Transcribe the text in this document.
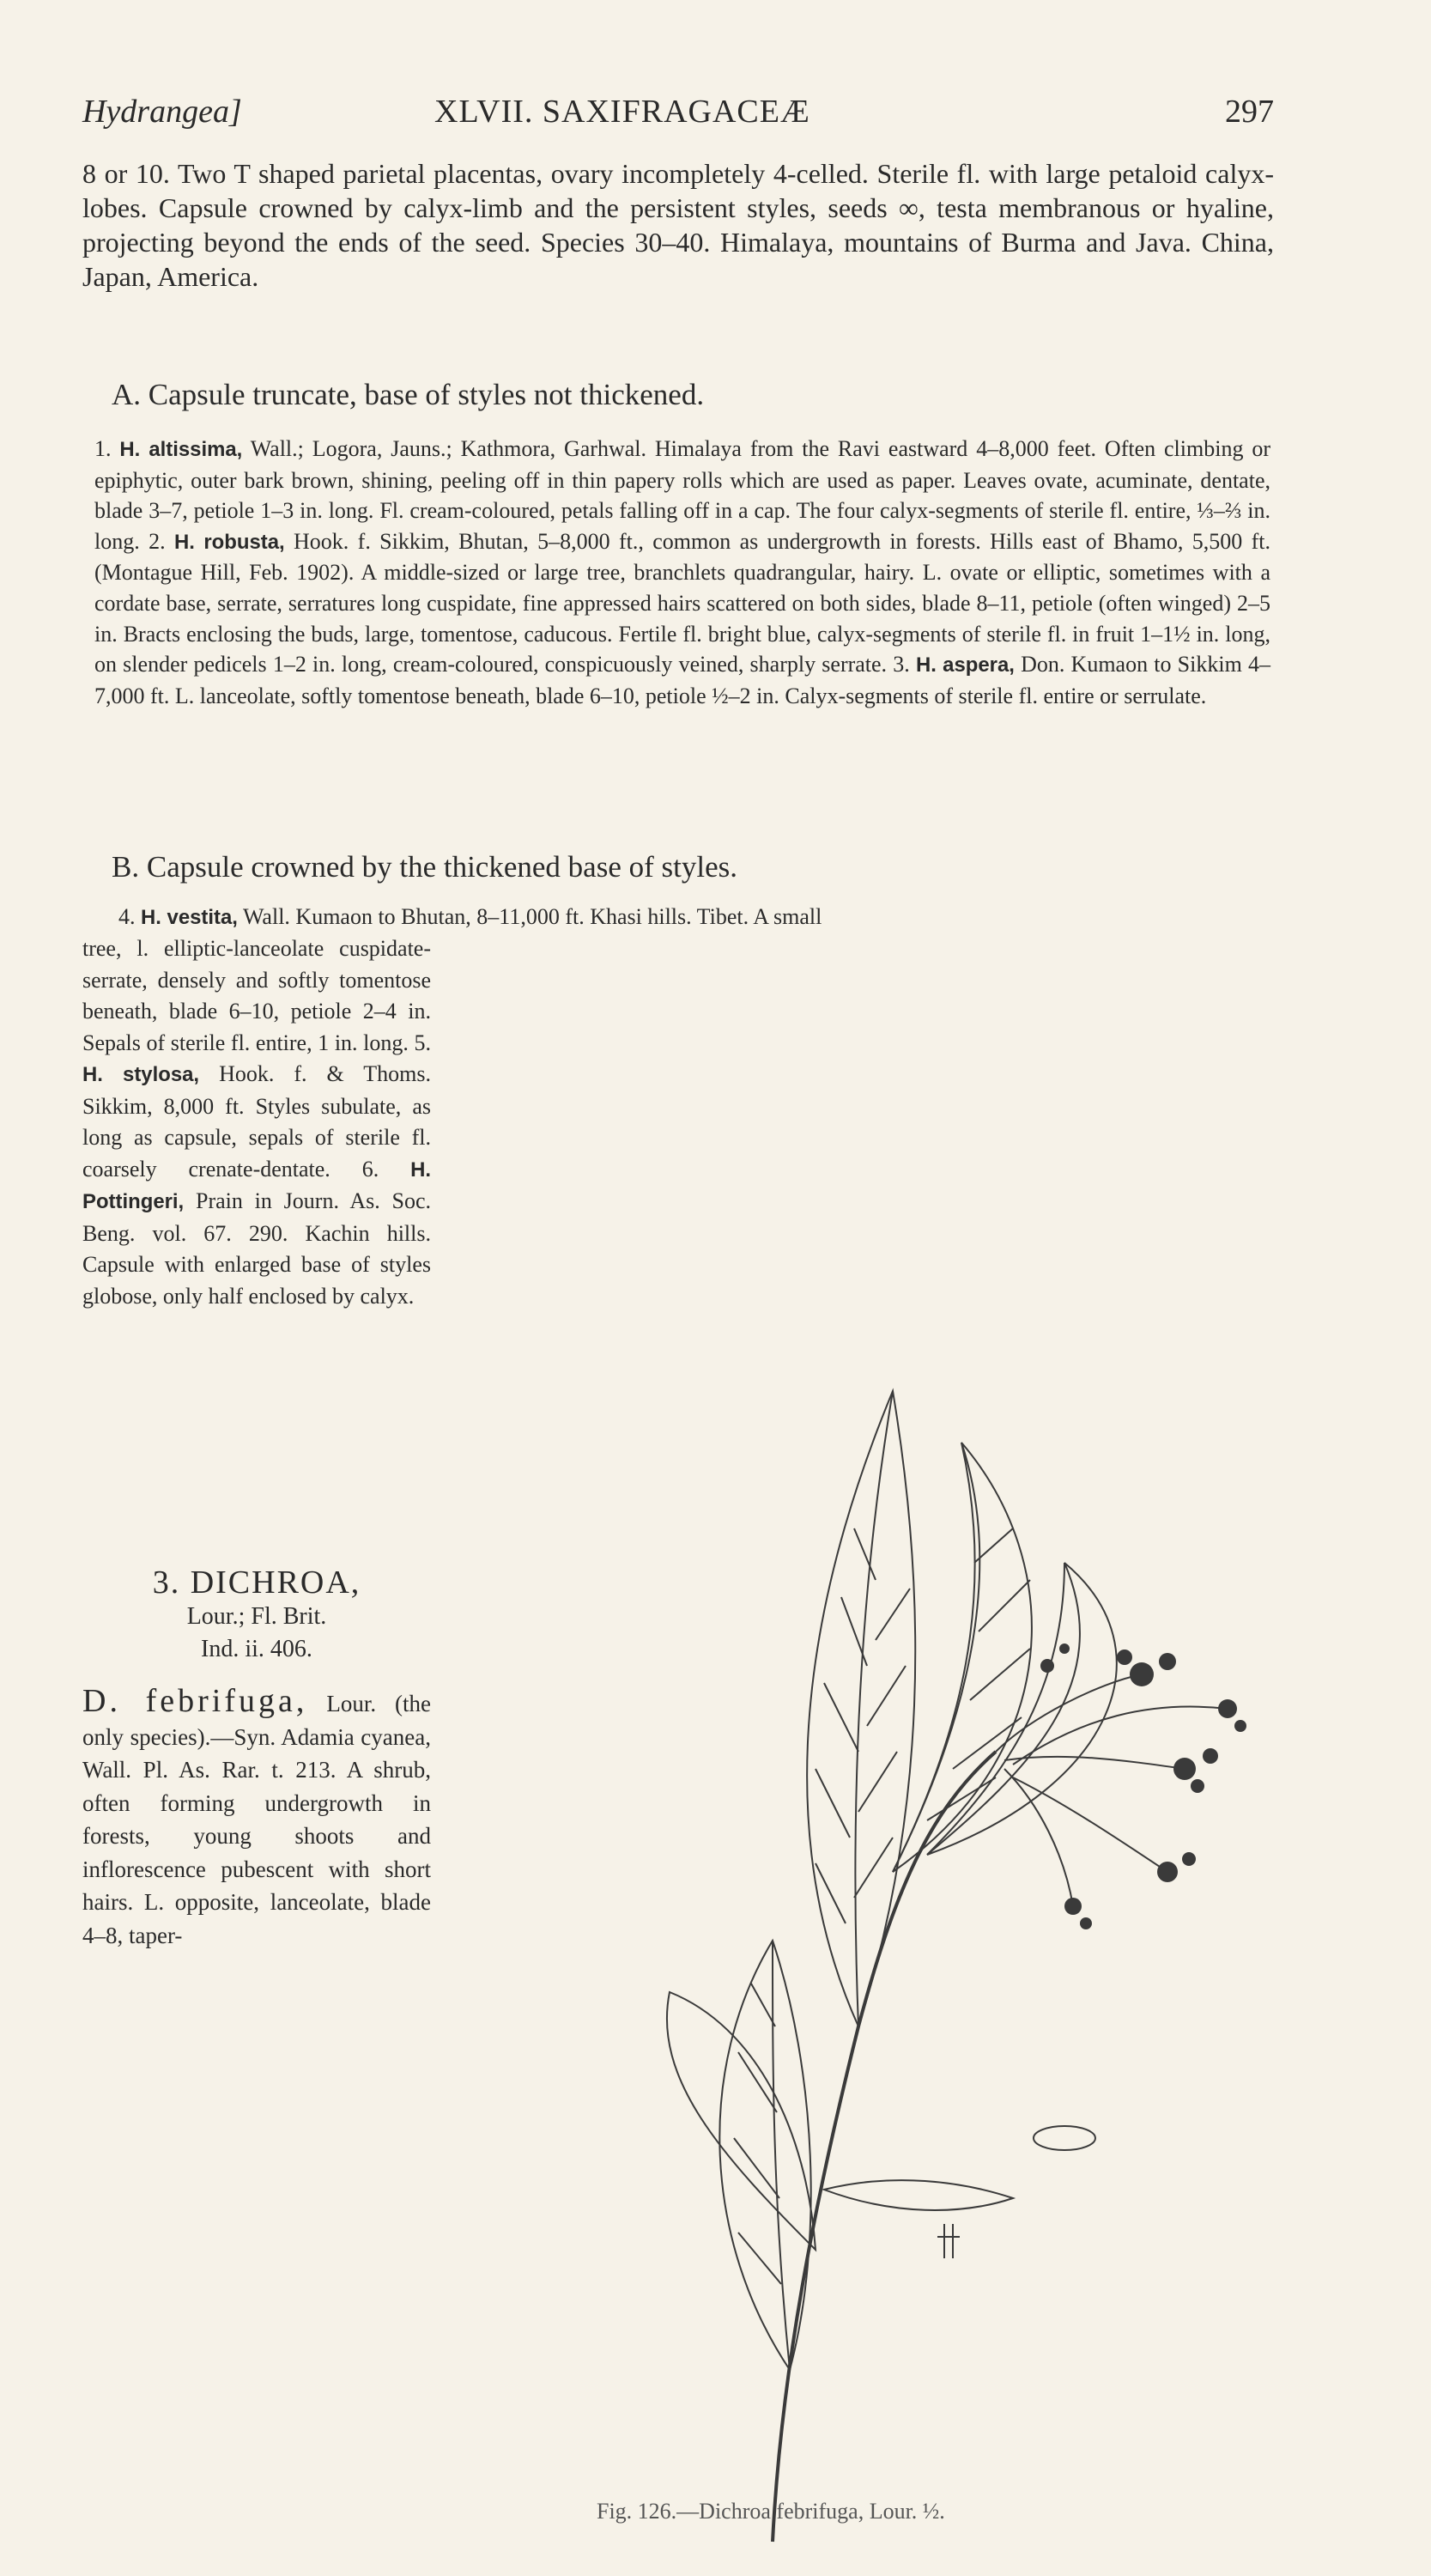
Hydrangea]	XLVII. SAXIFRAGACEÆ	297
8 or 10. Two T shaped parietal placentas, ovary incompletely 4-celled. Sterile fl. with large petaloid calyx-lobes. Capsule crowned by calyx-limb and the persistent styles, seeds ∞, testa membranous or hyaline, projecting beyond the ends of the seed. Species 30–40. Himalaya, mountains of Burma and Java. China, Japan, America.
A. Capsule truncate, base of styles not thickened.
1. H. altissima, Wall.; Logora, Jauns.; Kathmora, Garhwal. Himalaya from the Ravi eastward 4–8,000 feet. Often climbing or epiphytic, outer bark brown, shining, peeling off in thin papery rolls which are used as paper. Leaves ovate, acuminate, dentate, blade 3–7, petiole 1–3 in. long. Fl. cream-coloured, petals falling off in a cap. The four calyx-segments of sterile fl. entire, ⅓–⅔ in. long. 2. H. robusta, Hook. f. Sikkim, Bhutan, 5–8,000 ft., common as undergrowth in forests. Hills east of Bhamo, 5,500 ft. (Montague Hill, Feb. 1902). A middle-sized or large tree, branchlets quadrangular, hairy. L. ovate or elliptic, sometimes with a cordate base, serrate, serratures long cuspidate, fine appressed hairs scattered on both sides, blade 8–11, petiole (often winged) 2–5 in. Bracts enclosing the buds, large, tomentose, caducous. Fertile fl. bright blue, calyx-segments of sterile fl. in fruit 1–1½ in. long, on slender pedicels 1–2 in. long, cream-coloured, conspicuously veined, sharply serrate. 3. H. aspera, Don. Kumaon to Sikkim 4–7,000 ft. L. lanceolate, softly tomentose beneath, blade 6–10, petiole ½–2 in. Calyx-segments of sterile fl. entire or serrulate.
B. Capsule crowned by the thickened base of styles.
4. H. vestita, Wall. Kumaon to Bhutan, 8–11,000 ft. Khasi hills. Tibet. A small
tree, l. elliptic-lanceolate cuspidate-serrate, densely and softly tomentose beneath, blade 6–10, petiole 2–4 in. Sepals of sterile fl. entire, 1 in. long. 5. H. stylosa, Hook. f. & Thoms. Sikkim, 8,000 ft. Styles subulate, as long as capsule, sepals of sterile fl. coarsely crenate-dentate. 6. H. Pottingeri, Prain in Journ. As. Soc. Beng. vol. 67. 290. Kachin hills. Capsule with enlarged base of styles globose, only half enclosed by calyx.
3. DICHROA,
Lour.; Fl. Brit.
Ind. ii. 406.
D. febrifuga, Lour. (the only species).—Syn. Adamia cyanea, Wall. Pl. As. Rar. t. 213. A shrub, often forming undergrowth in forests, young shoots and inflorescence pubescent with short hairs. L. opposite, lanceolate, blade 4–8, taper-
Fig. 126.—Dichroa febrifuga, Lour. ½.
